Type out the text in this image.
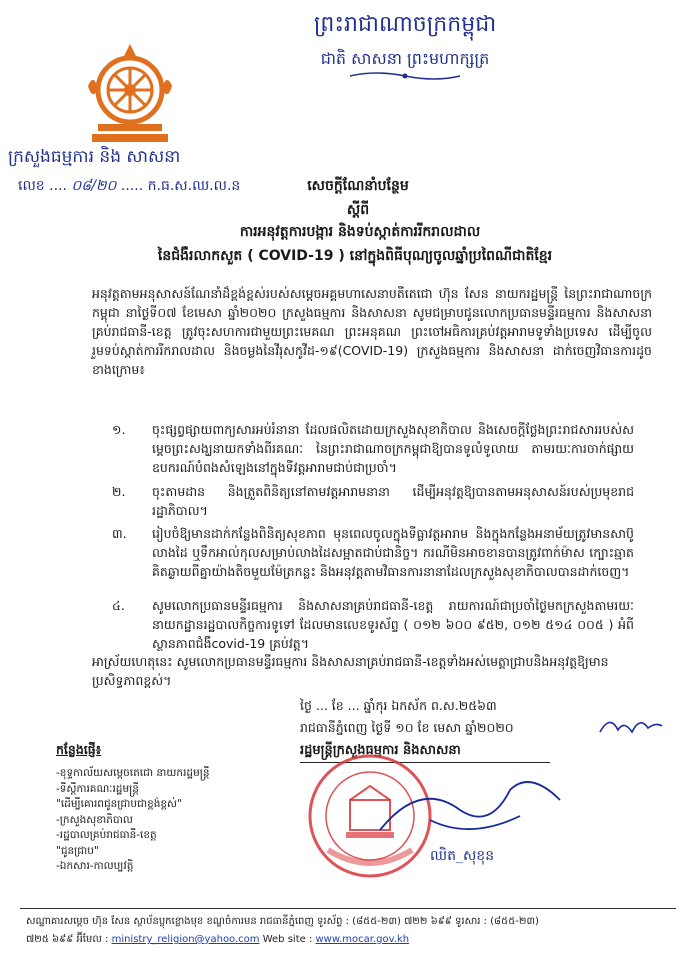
ព្រះរាជាណាចក្រកម្ពុជា
ជាតិ សាសនា ព្រះមហាក្សត្រ
ក្រសួងធម្មការ និង សាសនា
លេខ .... ០៨/២០ ..... ក.ធ.ស.ឈ.ល.ន	សេចក្តីណែនាំបន្ថែម
ស្តីពី
ការអនុវត្តការបង្ការ និងទប់ស្កាត់ការរីករាលដាល
នៃជំងឺរលាកសួត ( COVID-19 ) នៅក្នុងពិធីបុណ្យចូលឆ្នាំប្រពៃណីជាតិខ្មែរ
អនុវត្តតាមអនុសាសន៍ណែនាំដ៏ខ្ពង់ខ្ពស់របស់សម្តេចអគ្គមហាសេនាបតីតេជោ ហ៊ុន សែន នាយករដ្ឋមន្ត្រី នៃព្រះរាជាណាចក្រកម្ពុជា នាថ្ងៃទី០៧ ខែមេសា ឆ្នាំ២០២០ ក្រសួងធម្មការ និងសាសនា សូមជម្រាបជូនលោកប្រធានមន្ទីរធម្មការ និងសាសនាគ្រប់រាជធានី-ខេត្ត ត្រូវចុះសហការជាមួយព្រះមេគណ ព្រះអនុគណ ព្រះចៅអធិការគ្រប់វត្តអារាមទូទាំងប្រទេស ដើម្បីចូលរួមទប់ស្កាត់ការរីករាលដាល និងចម្លងនៃវីរុសកូវីដ-១៩(COVID-19) ក្រសួងធម្មការ និងសាសនា ដាក់ចេញវិធានការដូចខាងក្រោម៖
១. ចុះផ្សព្វផ្សាយពាក្យសារអប់រំនានា ដែលផលិតដោយក្រសួងសុខាភិបាល និងសេចក្តីថ្លែងព្រះរាជសាររបស់សម្តេចព្រះសង្ឃនាយកទាំងពីរគណៈ នៃព្រះរាជាណាចក្រកម្ពុជាឱ្យបានទូលំទូលាយ តាមរយៈការចាក់ផ្សាយឧបករណ៍បំពងសំឡេងនៅក្នុងទីវត្តអារាមជាប់ជាប្រចាំ។
២. ចុះតាមដាន និងត្រួតពិនិត្យនៅតាមវត្តអារាមនានា ដើម្បីអនុវត្តឱ្យបានតាមអនុសាសន៍របស់ប្រមុខរាជរដ្ឋាភិបាល។
៣. រៀបចំឱ្យមានដាក់កន្លែងពិនិត្យសុខភាព មុនពេលចូលក្នុងទីធ្លាវត្តអារាម និងក្នុងកន្លែងអនាម័យត្រូវមានសាប៊ូលាងដៃ ឬទឹកអាល់កុលសម្រាប់លាងដៃសម្អាតជាប់ជានិច្ច។ ករណីមិនអាចខានបានត្រូវពាក់ម៉ាស ក្បោះឆ្មាតគិតឆ្ងាយពីគ្នាយ៉ាងតិចមួយម៉ែត្រកន្លះ និងអនុវត្តតាមវិធានការនានាដែលក្រសួងសុខាភិបាលបានដាក់ចេញ។
៤. សូមលោកប្រធានមន្ទីរធម្មការ និងសាសនាគ្រប់រាជធានី-ខេត្ត រាយការណ៍ជាប្រចាំថ្ងៃមកក្រសួងតាមរយៈនាយកដ្ឋានរដ្ឋបាលកិច្ចការទូទៅ ដែលមានលេខទូរស័ព្ទ ( ០១២ ៦០០ ៩៥២, ០១២ ៥១៤ ០០៥ ) អំពីស្ថានភាពជំងឺcovid-19 គ្រប់វត្ត។
អាស្រ័យហេតុនេះ សូមលោកប្រធានមន្ទីរធម្មការ និងសាសនាគ្រប់រាជធានី-ខេត្តទាំងអស់មេត្តាជ្រាបនិងអនុវត្តឱ្យមានប្រសិទ្ធភាពខ្ពស់។
ថ្ងៃ ... ខែ ... ឆ្នាំកុរ ឯកស័ក ព.ស.២៥៦៣
រាជធានីភ្នំពេញ ថ្ងៃទី ១០ ខែ មេសា ឆ្នាំ២០២០
រដ្ឋមន្ត្រីក្រសួងធម្មការ និងសាសនា
ឈិត_សុខុន
កន្លែងផ្ញើ៖
-ខុទ្ទកាល័យសម្តេចតេជោ នាយករដ្ឋមន្ត្រី
-ទីស្តីការគណៈរដ្ឋមន្ត្រី
"ដើម្បីគោរពជូនជ្រាបជាខ្ពង់ខ្ពស់"
-ក្រសួងសុខាភិបាល
-រដ្ឋបាលគ្រប់រាជធានី-ខេត្ត
"ជូនជ្រាប"
-ឯកសារ-កាលប្បវត្តិ
សណ្ឋាគារសម្តេច ហ៊ុន សែន ស្ថាប័នប្លុកខ្លោងមុខ ខណ្ឌចំការមន រាជធានីភ្នំពេញ ទូរស័ព្ទ : (៨៥៥-២៣) ៧២២ ៦៩៩ ទូរសារ : (៨៥៥-២៣)
៧២៥ ៦៩៩ អ៊ីមែល : ministry_religion@yahoo.com Web site : www.mocar.gov.kh
